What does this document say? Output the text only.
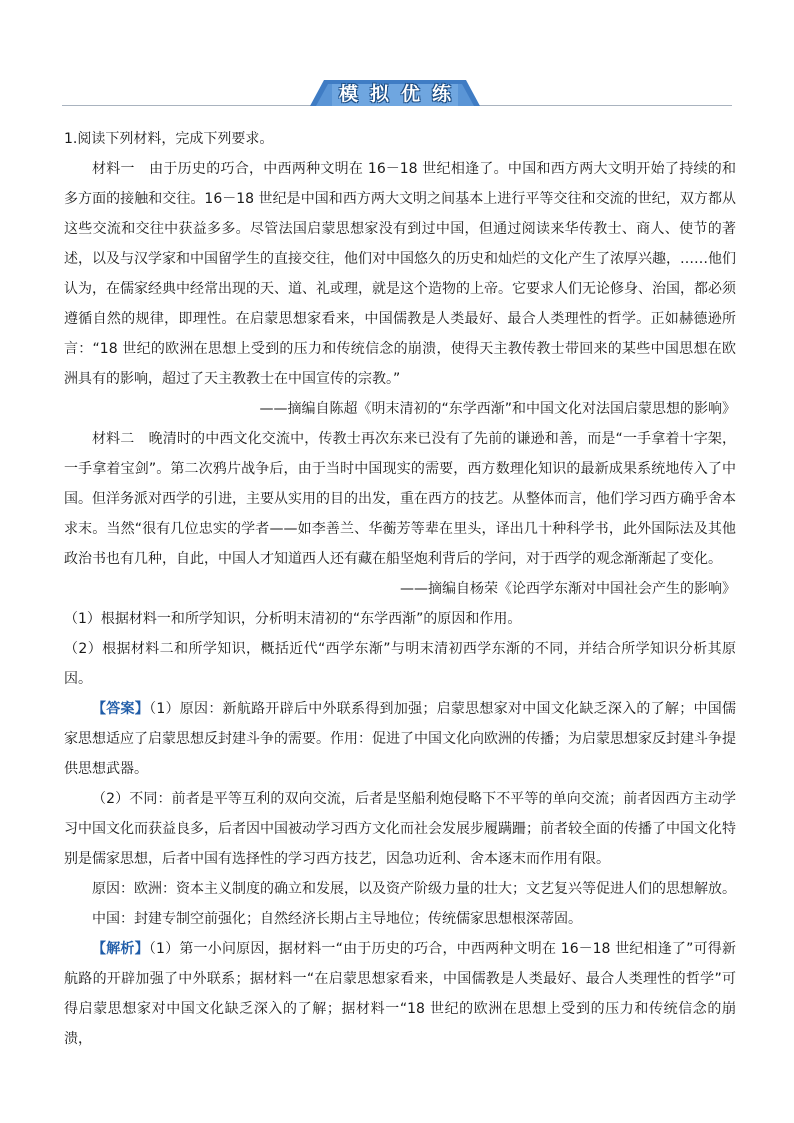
模拟优练

1.阅读下列材料，完成下列要求。

材料一　 由于历史的巧合，中西两种文明在 16－18 世纪相逢了。中国和西方两大文明开始了持续的和多方面的接触和交往。16－18 世纪是中国和西方两大文明之间基本上进行平等交往和交流的世纪，双方都从这些交流和交往中获益多多。尽管法国启蒙思想家没有到过中国，但通过阅读来华传教士、商人、使节的著述，以及与汉学家和中国留学生的直接交往，他们对中国悠久的历史和灿烂的文化产生了浓厚兴趣，……他们认为，在儒家经典中经常出现的天、道、礼或理，就是这个造物的上帝。它要求人们无论修身、治国，都必须遵循自然的规律，即理性。在启蒙思想家看来，中国儒教是人类最好、最合人类理性的哲学。正如赫德逊所言：“18 世纪的欧洲在思想上受到的压力和传统信念的崩溃，使得天主教传教士带回来的某些中国思想在欧洲具有的影响，超过了天主教教士在中国宣传的宗教。”

——摘编自陈超《明末清初的“东学西渐”和中国文化对法国启蒙思想的影响》

材料二　 晚清时的中西文化交流中，传教士再次东来已没有了先前的谦逊和善，而是“一手拿着十字架，一手拿着宝剑”。第二次鸦片战争后，由于当时中国现实的需要，西方数理化知识的最新成果系统地传入了中国。但洋务派对西学的引进，主要从实用的目的出发，重在西方的技艺。从整体而言，他们学习西方确乎舍本求末。当然“很有几位忠实的学者——如李善兰、华蘅芳等辈在里头，译出几十种科学书，此外国际法及其他政治书也有几种，自此，中国人才知道西人还有藏在船坚炮利背后的学问，对于西学的观念渐渐起了变化。

——摘编自杨荣《论西学东渐对中国社会产生的影响》

（1）根据材料一和所学知识，分析明末清初的“东学西渐”的原因和作用。

（2）根据材料二和所学知识，概括近代“西学东渐”与明末清初西学东渐的不同，并结合所学知识分析其原因。

【答案】（1）原因：新航路开辟后中外联系得到加强；启蒙思想家对中国文化缺乏深入的了解；中国儒家思想适应了启蒙思想反封建斗争的需要。作用：促进了中国文化向欧洲的传播；为启蒙思想家反封建斗争提供思想武器。

（2）不同：前者是平等互利的双向交流，后者是坚船利炮侵略下不平等的单向交流；前者因西方主动学习中国文化而获益良多，后者因中国被动学习西方文化而社会发展步履蹒跚；前者较全面的传播了中国文化特别是儒家思想，后者中国有选择性的学习西方技艺，因急功近利、舍本逐末而作用有限。

原因：欧洲：资本主义制度的确立和发展，以及资产阶级力量的壮大；文艺复兴等促进人们的思想解放。

中国：封建专制空前强化；自然经济长期占主导地位；传统儒家思想根深蒂固。

【解析】（1）第一小问原因，据材料一“由于历史的巧合，中西两种文明在 16－18 世纪相逢了”可得新航路的开辟加强了中外联系；据材料一“在启蒙思想家看来，中国儒教是人类最好、最合人类理性的哲学”可得启蒙思想家对中国文化缺乏深入的了解；据材料一“18 世纪的欧洲在思想上受到的压力和传统信念的崩溃，
